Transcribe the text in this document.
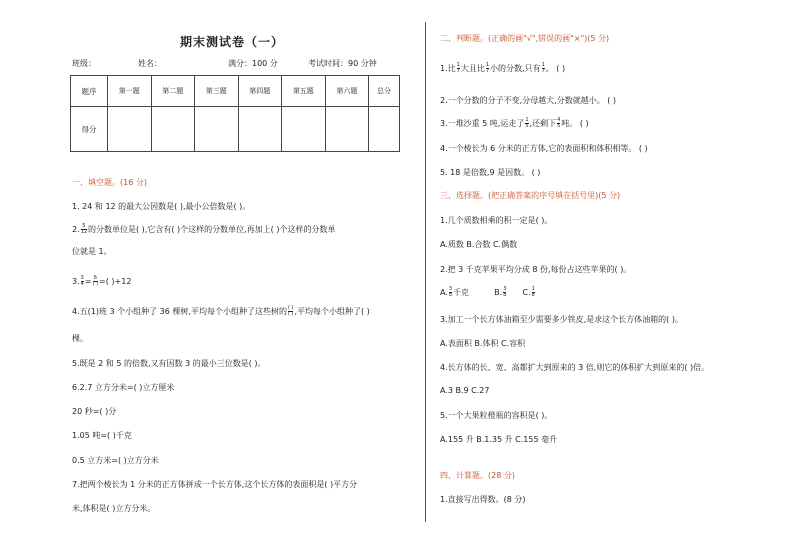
期末测试卷（一）
班级：	姓名：	满分：100 分	考试时间：90 分钟
题序	第一题	第二题	第三题	第四题	第五题	第六题	总分
得分							
一、填空题。(16 分)
1. 24 和 12 的最大公因数是( ),最小公倍数是( )。
2. $\frac{5}{12}$ 的分数单位是( ),它含有( )个这样的分数单位,再加上( )个这样的分数单
位就是 1。
3. $\frac{3}{4} = \frac{6}{( )}$ =( )+12
4.五(1)班 3 个小组种了 36 棵树,平均每个小组种了这些树的 $\frac{( )}{( )}$ ,平均每个小组种了( )
棵。
5.既是 2 和 5 的倍数,又有因数 3 的最小三位数是( )。
6.2.7 立方分米=( )立方厘米
20 秒=( )分
1.05 吨=( )千克
0.5 立方米=( )立方分米
7.把两个棱长为 1 分米的正方体拼成一个长方体,这个长方体的表面积是( )平方分
米,体积是( )立方分米。
二、判断题。(正确的画"√",错误的画"×")(5 分)
1.比 $\frac{1}{7}$ 大且比 $\frac{1}{7}$ 小的分数,只有 $\frac{1}{7}$ 。 ( )
2.一个分数的分子不变,分母越大,分数就越小。 ( )
3.一堆沙重 5 吨,运走了 $\frac{1}{5}$ ,还剩下 $\frac{4}{5}$ 吨。 ( )
4.一个棱长为 6 分米的正方体,它的表面积和体积相等。 ( )
5. 18 是倍数,9 是因数。 ( )
三、选择题。(把正确答案的序号填在括号里)(5 分)
1.几个质数相乘的积一定是( )。
A.质数 B.合数 C.偶数
2.把 3 千克苹果平均分成 8 份,每份占这些苹果的( )。
A. $\frac{3}{8}$ 千克	B. $\frac{3}{8} C$. $\frac{1}{8}$
3.加工一个长方体油箱至少需要多少铁皮,是求这个长方体油箱的( )。
A.表面积 B.体积 C.容积
4.长方体的长、宽、高都扩大到原来的 3 倍,则它的体积扩大到原来的( )倍。
A.3 B.9 C.27
5.一个大果粒橙瓶的容积是( )。
A.155 升 B.1.35 升 C.155 毫升
四、计算题。(28 分)
1.直接写出得数。(8 分)
